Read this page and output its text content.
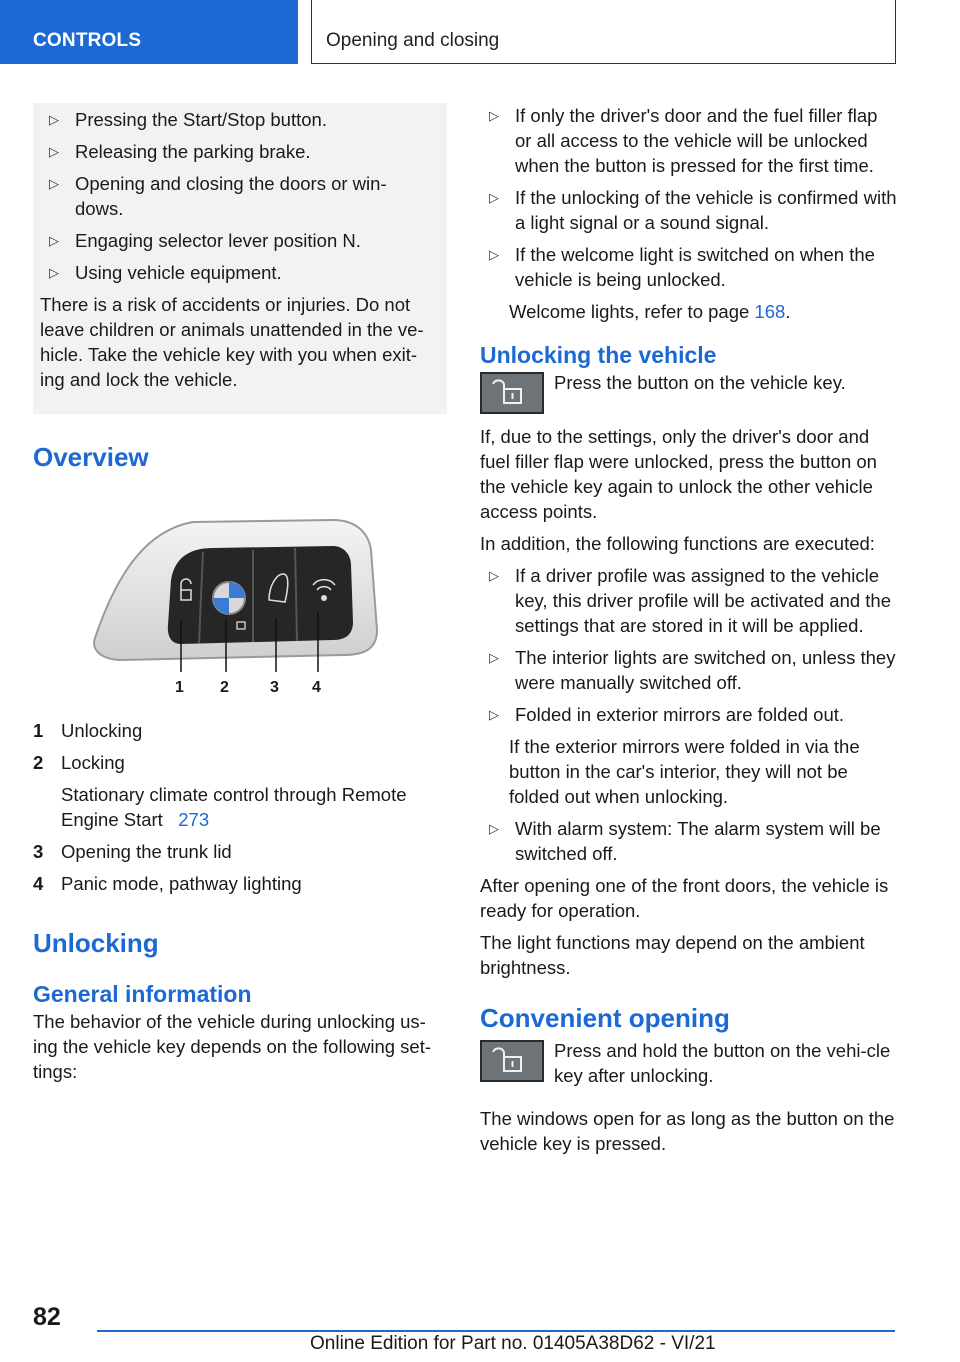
CONTROLS	Opening and closing
▷ Pressing the Start/Stop button.
▷ Releasing the parking brake.
▷ Opening and closing the doors or win-
dows.
▷ Engaging selector lever position N.
▷ Using vehicle equipment.

There is a risk of accidents or injuries. Do not leave children or animals unattended in the ve-hicle. Take the vehicle key with you when exit-ing and lock the vehicle.

Overview
1 2	3 4
1 Unlocking
2 Locking
Stationary climate control through Remote Engine Start 273
3 Opening the trunk lid
4 Panic mode, pathway lighting
Unlocking
General information

The behavior of the vehicle during unlocking us-ing the vehicle key depends on the following set-tings:

▷ If only the driver's door and the fuel filler flap or all access to the vehicle will be unlocked when the button is pressed for the first time.
▷ If the unlocking of the vehicle is confirmed with a light signal or a sound signal.
▷ If the welcome light is switched on when the vehicle is being unlocked.
Welcome lights, refer to page 168.
Unlocking the vehicle

Press the button on the vehicle key.

If, due to the settings, only the driver's door and fuel filler flap were unlocked, press the button on the vehicle key again to unlock the other vehicle access points.

In addition, the following functions are executed:

▷ If a driver profile was assigned to the vehicle key, this driver profile will be activated and the settings that are stored in it will be applied.
▷ The interior lights are switched on, unless they were manually switched off.
▷ Folded in exterior mirrors are folded out.
If the exterior mirrors were folded in via the button in the car's interior, they will not be folded out when unlocking.
▷ With alarm system: The alarm system will be switched off.

After opening one of the front doors, the vehicle is ready for operation.

The light functions may depend on the ambient brightness.

Convenient opening

Press and hold the button on the vehi-cle key after unlocking.

The windows open for as long as the button on the vehicle key is pressed.

82
Online Edition for Part no. 01405A38D62 - VI/21
